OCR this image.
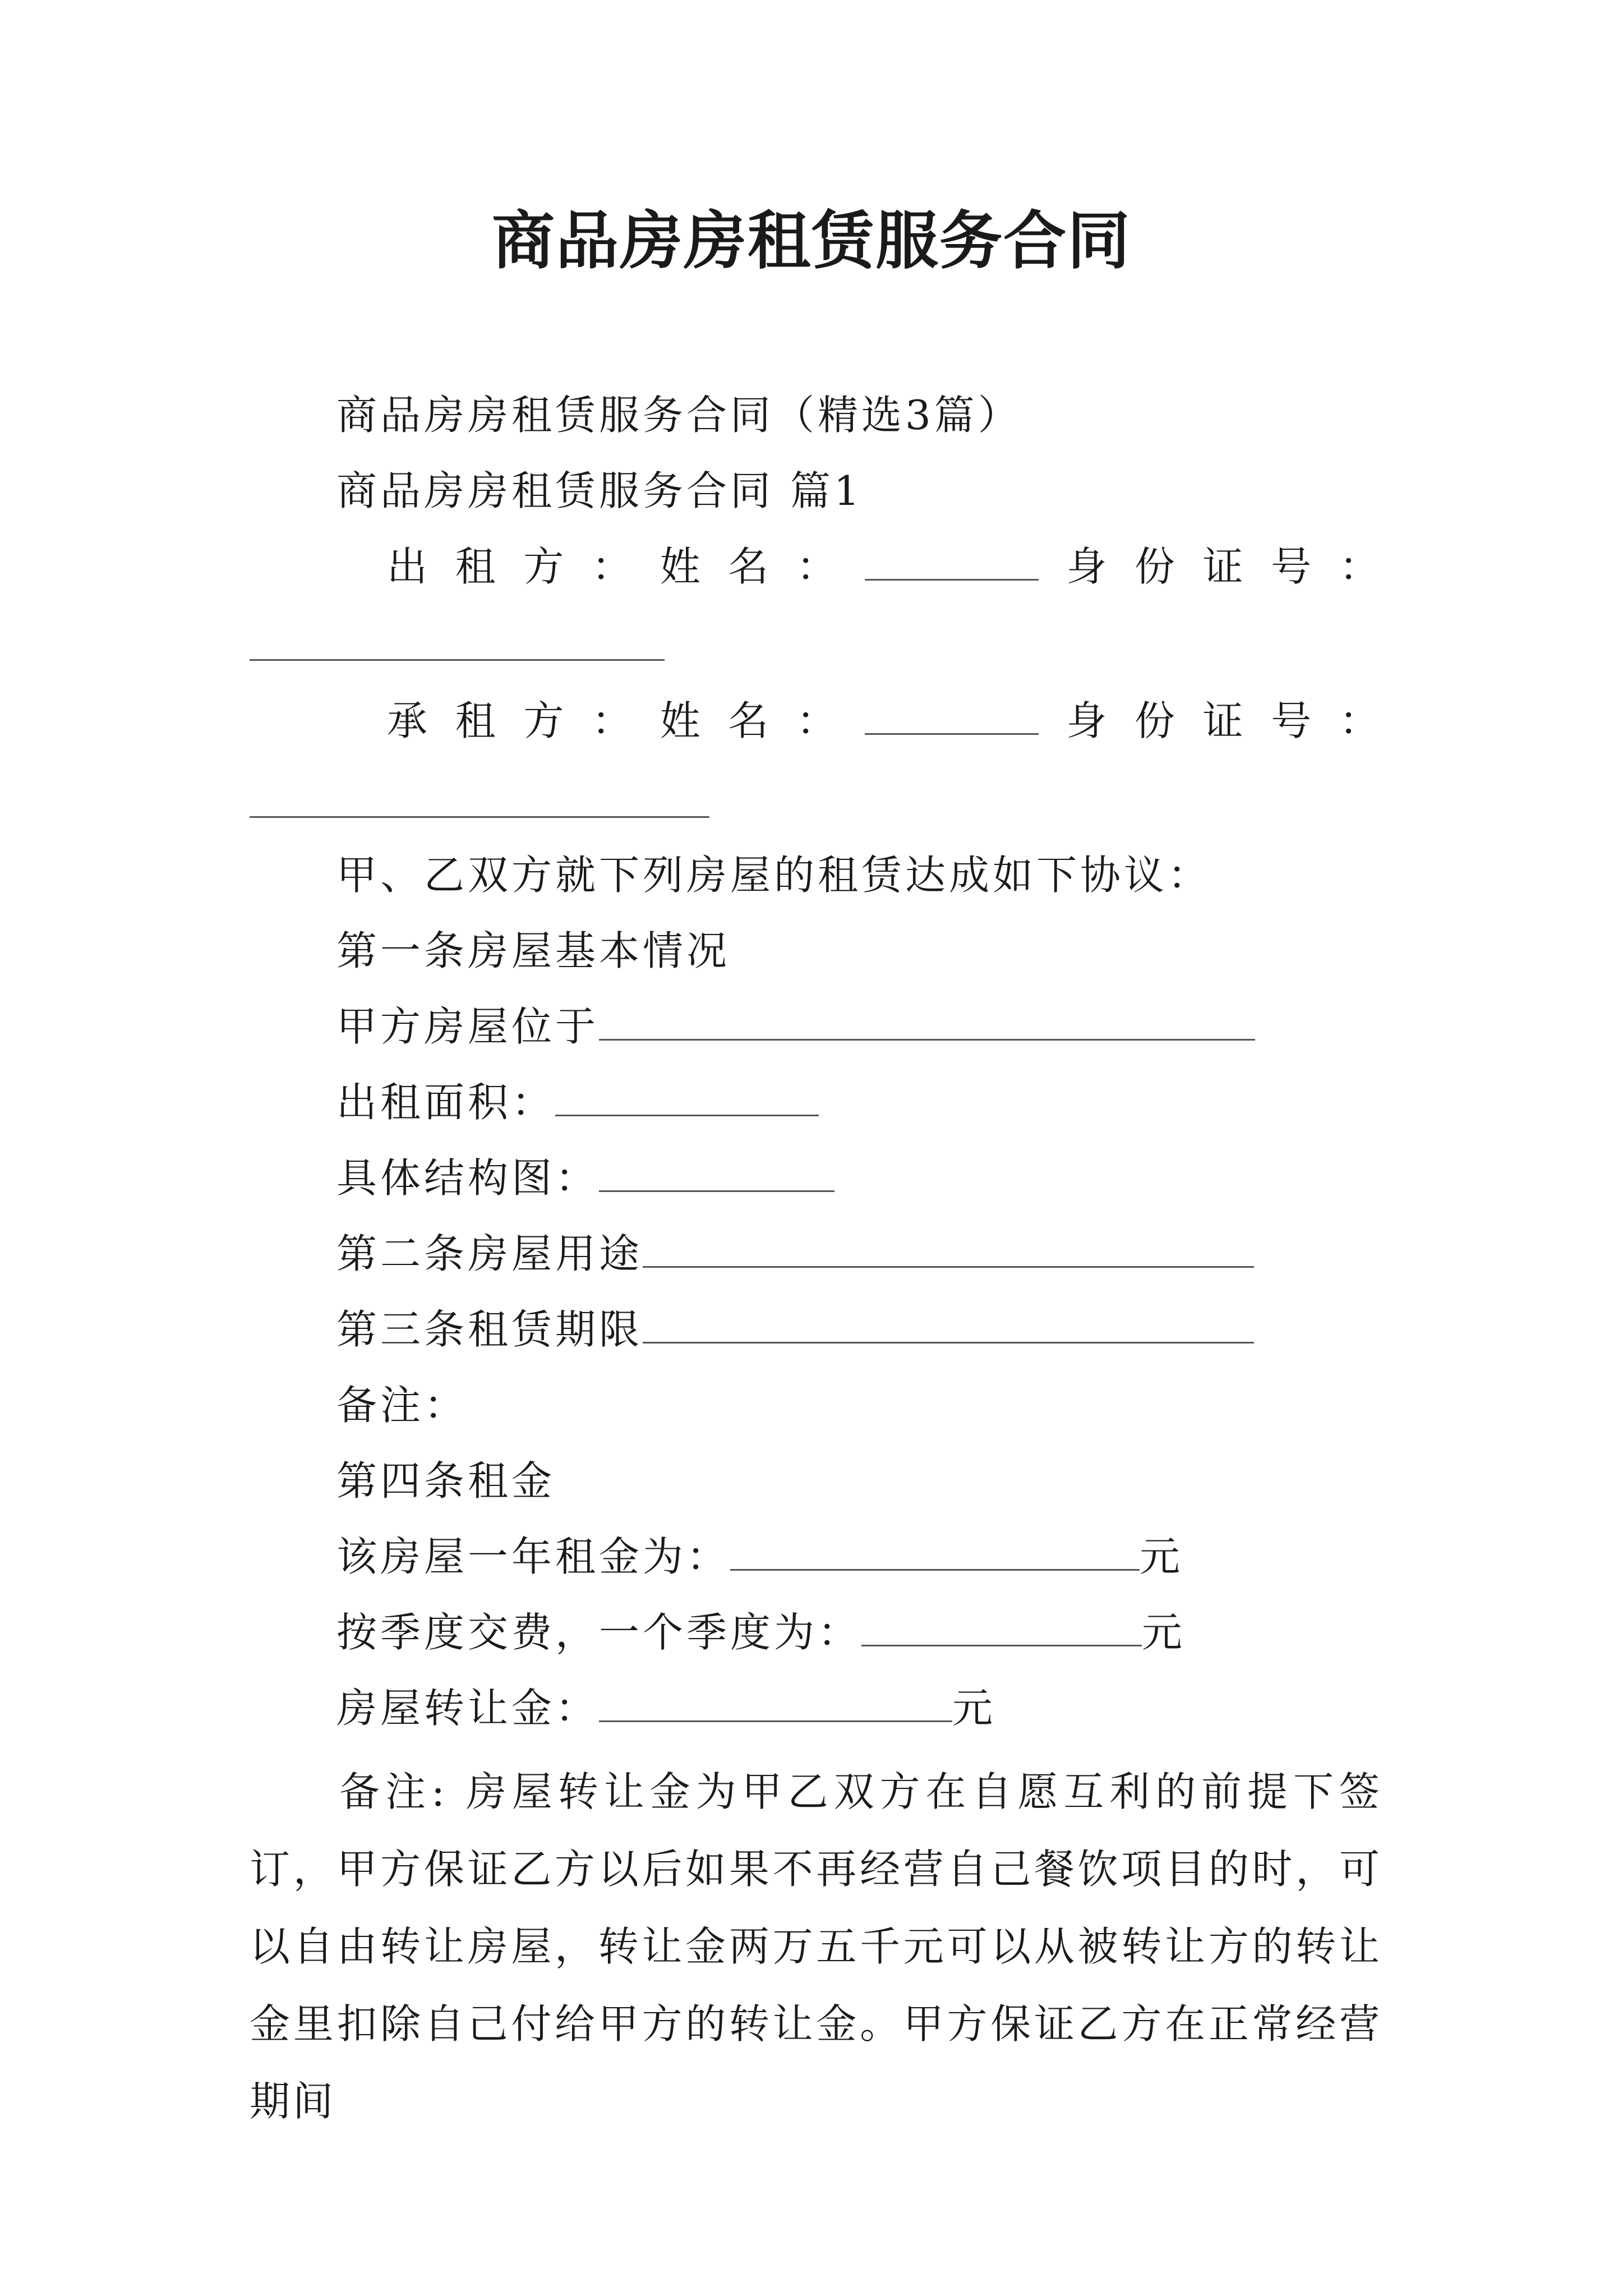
商品房房租赁服务合同
商品房房租赁服务合同（精选3篇）
商品房房租赁服务合同 篇1
出 租 方 ： 姓 名 ：	身 份 证 号 ：
承 租 方 ： 姓 名 ：	身 份 证 号 ：
甲、乙双方就下列房屋的租赁达成如下协议：
第一条房屋基本情况
甲方房屋位于
出租面积：
具体结构图：
第二条房屋用途
第三条租赁期限
备注：
第四条租金
该房屋一年租金为：	元
按季度交费，一个季度为：	元
房屋转让金：	元
备注: 房屋转让金为甲乙双方在自愿互利的前提下签订，甲方保证乙方以后如果不再经营自己餐饮项目的时，可以自由转让房屋，转让金两万五千元可以从被转让方的转让金里扣除自己付给甲方的转让金。甲方保证乙方在正常经营期间
